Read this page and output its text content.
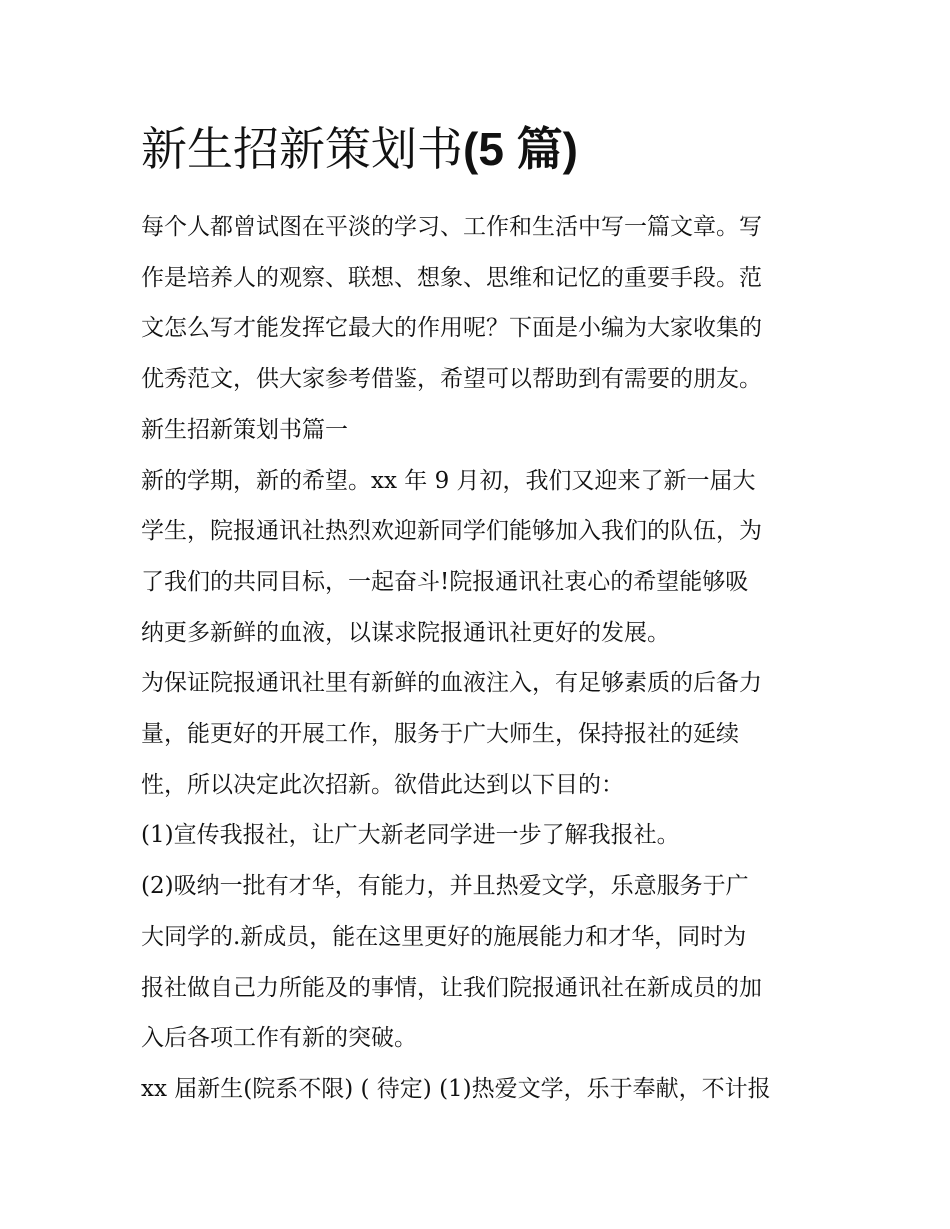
新生招新策划书(5 篇)

每个人都曾试图在平淡的学习、工作和生活中写一篇文章。写
作是培养人的观察、联想、想象、思维和记忆的重要手段。范
文怎么写才能发挥它最大的作用呢？下面是小编为大家收集的
优秀范文，供大家参考借鉴，希望可以帮助到有需要的朋友。

新生招新策划书篇一

新的学期，新的希望。xx 年 9 月初，我们又迎来了新一届大
学生，院报通讯社热烈欢迎新同学们能够加入我们的队伍，为
了我们的共同目标，一起奋斗!院报通讯社衷心的希望能够吸
纳更多新鲜的血液，以谋求院报通讯社更好的发展。

为保证院报通讯社里有新鲜的血液注入，有足够素质的后备力
量，能更好的开展工作，服务于广大师生，保持报社的延续
性，所以决定此次招新。欲借此达到以下目的：

(1)宣传我报社，让广大新老同学进一步了解我报社。

(2)吸纳一批有才华，有能力，并且热爱文学，乐意服务于广
大同学的.新成员，能在这里更好的施展能力和才华，同时为
报社做自己力所能及的事情，让我们院报通讯社在新成员的加
入后各项工作有新的突破。

xx 届新生(院系不限) ( 待定) (1)热爱文学，乐于奉献，不计报
